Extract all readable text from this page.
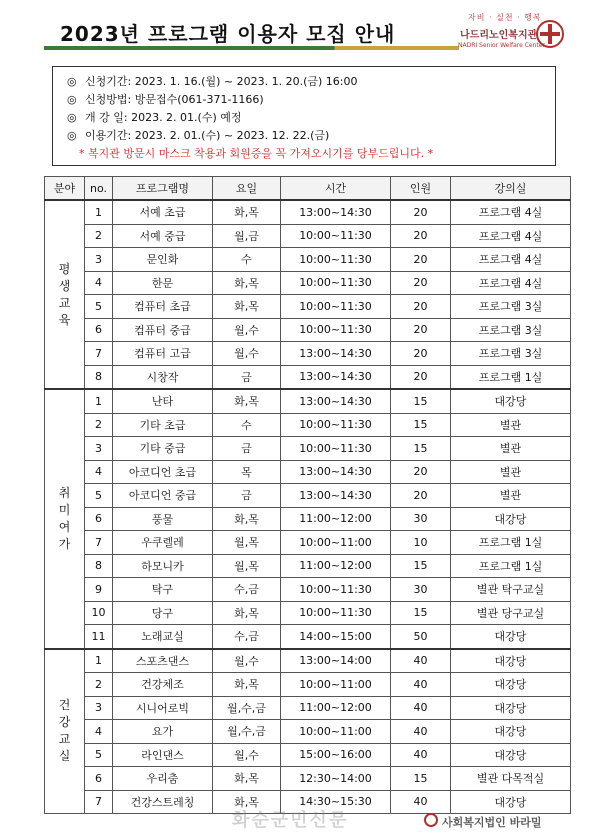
2023년 프로그램 이용자 모집 안내
자비 · 실천 · 행복
나드리노인복지관
NADRI Senior Welfare Center
◎ 신청기간: 2023. 1. 16.(월) ~ 2023. 1. 20.(금) 16:00
◎ 신청방법: 방문접수(061-371-1166)
◎ 개 강 일: 2023. 2. 01.(수) 예정
◎ 이용기간: 2023. 2. 01.(수) ~ 2023. 12. 22.(금)
* 복지관 방문시 마스크 착용과 회원증을 꼭 가져오시기를 당부드립니다. *
분야	no.	프로그램명	요일	시간	인원	강의실

평
생
교
육	1	서예 초급	화,목	13:00~14:30	20	프로그램 4실
	2	서예 중급	월,금	10:00~11:30	20	프로그램 4실
	3	문인화	수	10:00~11:30	20	프로그램 4실
	4	한문	화,목	10:00~11:30	20	프로그램 4실
	5	컴퓨터 초급	화,목	10:00~11:30	20	프로그램 3실
	6	컴퓨터 중급	월,수	10:00~11:30	20	프로그램 3실
	7	컴퓨터 고급	월,수	13:00~14:30	20	프로그램 3실
	8	시창작	금	13:00~14:30	20	프로그램 1실

취
미
여
가	1	난타	화,목	13:00~14:30	15	대강당
	2	기타 초급	수	10:00~11:30	15	별관
	3	기타 중급	금	10:00~11:30	15	별관
	4	아코디언 초급	목	13:00~14:30	20	별관
	5	아코디언 중급	금	13:00~14:30	20	별관
	6	풍물	화,목	11:00~12:00	30	대강당
	7	우쿠렐레	월,목	10:00~11:00	10	프로그램 1실
	8	하모니카	월,목	11:00~12:00	15	프로그램 1실
	9	탁구	수,금	10:00~11:30	30	별관 탁구교실
	10	당구	화,목	10:00~11:30	15	별관 당구교실
	11	노래교실	수,금	14:00~15:00	50	대강당

건
강
교
실	1	스포츠댄스	월,수	13:00~14:00	40	대강당
	2	건강체조	화,목	10:00~11:00	40	대강당
	3	시니어로빅	월,수,금	11:00~12:00	40	대강당
	4	요가	월,수,금	10:00~11:00	40	대강당
	5	라인댄스	월,수	15:00~16:00	40	대강당
	6	우리춤	화,목	12:30~14:00	15	별관 다목적실
	7	건강스트레칭	화,목	14:30~15:30	40	대강당
화순군민신문	사회복지법인 바라밀
